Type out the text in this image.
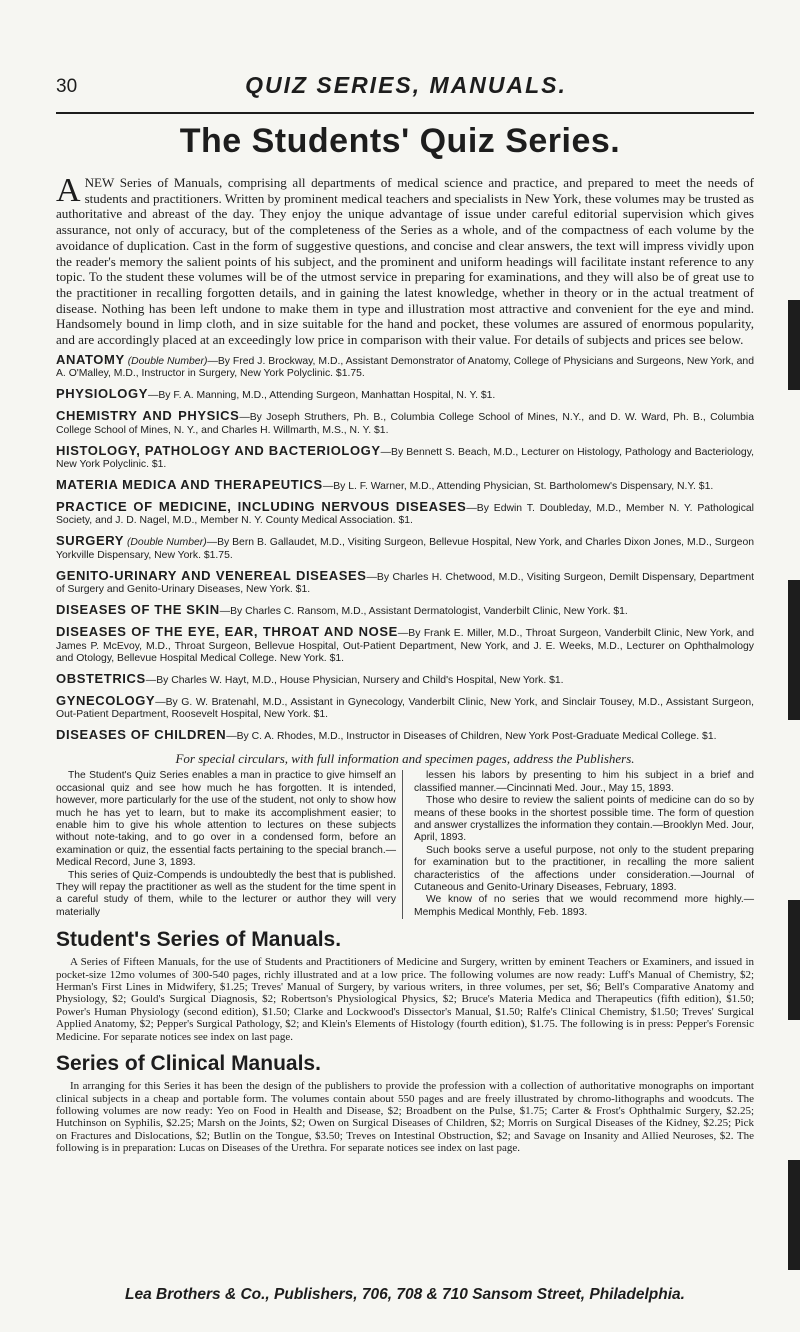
30	QUIZ SERIES, MANUALS.
The Students' Quiz Series.

ANEW Series of Manuals, comprising all departments of medical science and practice, and prepared to meet the needs of students and practitioners. Written by prominent medical teachers and specialists in New York, these volumes may be trusted as authoritative and abreast of the day. They enjoy the unique advantage of issue under careful editorial supervision which gives assurance, not only of accuracy, but of the completeness of the Series as a whole, and of the compactness of each volume by the avoidance of duplication. Cast in the form of suggestive questions, and concise and clear answers, the text will impress vividly upon the reader's memory the salient points of his subject, and the prominent and uniform headings will facilitate instant reference to any topic. To the student these volumes will be of the utmost service in preparing for examinations, and they will also be of great use to the practitioner in recalling forgotten details, and in gaining the latest knowledge, whether in theory or in the actual treatment of disease. Nothing has been left undone to make them in type and illustration most attractive and convenient for the eye and mind. Handsomely bound in limp cloth, and in size suitable for the hand and pocket, these volumes are assured of enormous popularity, and are accordingly placed at an exceedingly low price in comparison with their value. For details of subjects and prices see below.

ANATOMY (Double Number)—By Fred J. Brockway, M.D., Assistant Demonstrator of Anatomy, College of Physicians and Surgeons, New York, and A. O'Malley, M.D., Instructor in Surgery, New York Polyclinic. $1.75.

PHYSIOLOGY—By F. A. Manning, M.D., Attending Surgeon, Manhattan Hospital, N. Y. $1.

CHEMISTRY AND PHYSICS—By Joseph Struthers, Ph. B., Columbia College School of Mines, N.Y., and D. W. Ward, Ph. B., Columbia College School of Mines, N. Y., and Charles H. Willmarth, M.S., N. Y. $1.

HISTOLOGY, PATHOLOGY AND BACTERIOLOGY—By Bennett S. Beach, M.D., Lecturer on Histology, Pathology and Bacteriology, New York Polyclinic. $1.

MATERIA MEDICA AND THERAPEUTICS—By L. F. Warner, M.D., Attending Physician, St. Bartholomew's Dispensary, N.Y. $1.

PRACTICE OF MEDICINE, INCLUDING NERVOUS DISEASES—By Edwin T. Doubleday, M.D., Member N. Y. Pathological Society, and J. D. Nagel, M.D., Member N. Y. County Medical Association. $1.

SURGERY (Double Number)—By Bern B. Gallaudet, M.D., Visiting Surgeon, Bellevue Hospital, New York, and Charles Dixon Jones, M.D., Surgeon Yorkville Dispensary, New York. $1.75.

GENITO-URINARY AND VENEREAL DISEASES—By Charles H. Chetwood, M.D., Visiting Surgeon, Demilt Dispensary, Department of Surgery and Genito-Urinary Diseases, New York. $1.

DISEASES OF THE SKIN—By Charles C. Ransom, M.D., Assistant Dermatologist, Vanderbilt Clinic, New York. $1.

DISEASES OF THE EYE, EAR, THROAT AND NOSE—By Frank E. Miller, M.D., Throat Surgeon, Vanderbilt Clinic, New York, and James P. McEvoy, M.D., Throat Surgeon, Bellevue Hospital, Out-Patient Department, New York, and J. E. Weeks, M.D., Lecturer on Ophthalmology and Otology, Bellevue Hospital Medical College. New York. $1.

OBSTETRICS—By Charles W. Hayt, M.D., House Physician, Nursery and Child's Hospital, New York. $1.

GYNECOLOGY—By G. W. Bratenahl, M.D., Assistant in Gynecology, Vanderbilt Clinic, New York, and Sinclair Tousey, M.D., Assistant Surgeon, Out-Patient Department, Roosevelt Hospital, New York. $1.

DISEASES OF CHILDREN—By C. A. Rhodes, M.D., Instructor in Diseases of Children, New York Post-Graduate Medical College. $1.

For special circulars, with full information and specimen pages, address the Publishers.

The Student's Quiz Series enables a man in practice to give himself an occasional quiz and see how much he has forgotten. It is intended, however, more particularly for the use of the student, not only to show how much he has yet to learn, but to make its accomplishment easier; to enable him to give his whole attention to lectures on these subjects without note-taking, and to go over in a condensed form, before an examination or quiz, the essential facts pertaining to the special branch.—Medical Record, June 3, 1893.

This series of Quiz-Compends is undoubtedly the best that is published. They will repay the practitioner as well as the student for the time spent in a careful study of them, while to the lecturer or author they will very materially

lessen his labors by presenting to him his subject in a brief and classified manner.—Cincinnati Med. Jour., May 15, 1893.

Those who desire to review the salient points of medicine can do so by means of these books in the shortest possible time. The form of question and answer crystallizes the information they contain.—Brooklyn Med. Jour, April, 1893.

Such books serve a useful purpose, not only to the student preparing for examination but to the practitioner, in recalling the more salient characteristics of the affections under consideration.—Journal of Cutaneous and Genito-Urinary Diseases, February, 1893.

We know of no series that we would recommend more highly.—Memphis Medical Monthly, Feb. 1893.

Student's Series of Manuals.

A Series of Fifteen Manuals, for the use of Students and Practitioners of Medicine and Surgery, written by eminent Teachers or Examiners, and issued in pocket-size 12mo volumes of 300-540 pages, richly illustrated and at a low price. The following volumes are now ready: Luff's Manual of Chemistry, $2; Herman's First Lines in Midwifery, $1.25; Treves' Manual of Surgery, by various writers, in three volumes, per set, $6; Bell's Comparative Anatomy and Physiology, $2; Gould's Surgical Diagnosis, $2; Robertson's Physiological Physics, $2; Bruce's Materia Medica and Therapeutics (fifth edition), $1.50; Power's Human Physiology (second edition), $1.50; Clarke and Lockwood's Dissector's Manual, $1.50; Ralfe's Clinical Chemistry, $1.50; Treves' Surgical Applied Anatomy, $2; Pepper's Surgical Pathology, $2; and Klein's Elements of Histology (fourth edition), $1.75. The following is in press: Pepper's Forensic Medicine. For separate notices see index on last page.

Series of Clinical Manuals.

In arranging for this Series it has been the design of the publishers to provide the profession with a collection of authoritative monographs on important clinical subjects in a cheap and portable form. The volumes contain about 550 pages and are freely illustrated by chromo-lithographs and woodcuts. The following volumes are now ready: Yeo on Food in Health and Disease, $2; Broadbent on the Pulse, $1.75; Carter & Frost's Ophthalmic Surgery, $2.25; Hutchinson on Syphilis, $2.25; Marsh on the Joints, $2; Owen on Surgical Diseases of Children, $2; Morris on Surgical Diseases of the Kidney, $2.25; Pick on Fractures and Dislocations, $2; Butlin on the Tongue, $3.50; Treves on Intestinal Obstruction, $2; and Savage on Insanity and Allied Neuroses, $2. The following is in preparation: Lucas on Diseases of the Urethra. For separate notices see index on last page.

Lea Brothers & Co., Publishers, 706, 708 & 710 Sansom Street, Philadelphia.
